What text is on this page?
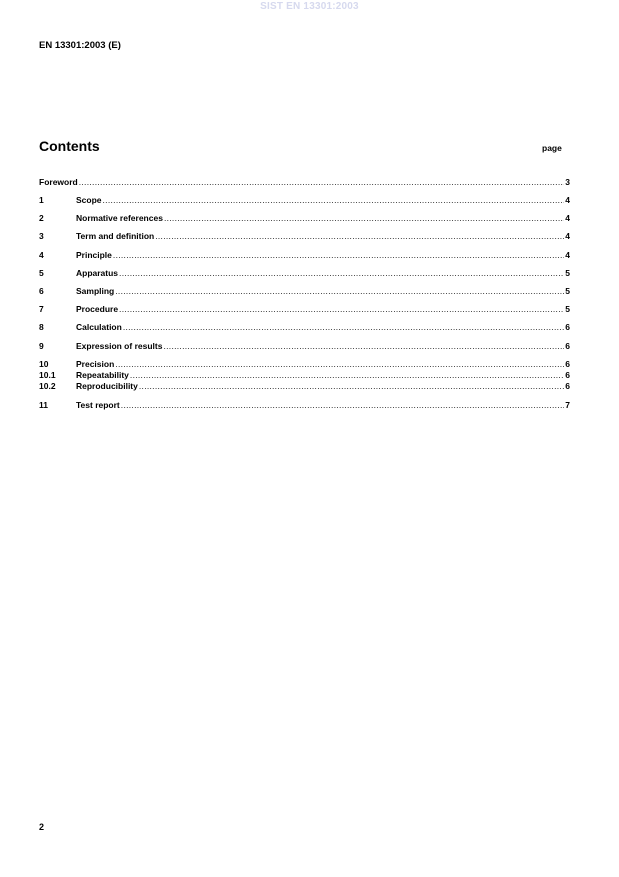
SIST EN 13301:2003
EN 13301:2003 (E)
Contents	page
Foreword .....	3
1	Scope .....	4
2	Normative references .....	4
3	Term and definition .....	4
4	Principle .....	4
5	Apparatus .....	5
6	Sampling .....	5
7	Procedure .....	5
8	Calculation .....	6
9	Expression of results .....	6
10	Precision .....	6
10.1	Repeatability .....	6
10.2	Reproducibility .....	6
11	Test report .....	7
2
